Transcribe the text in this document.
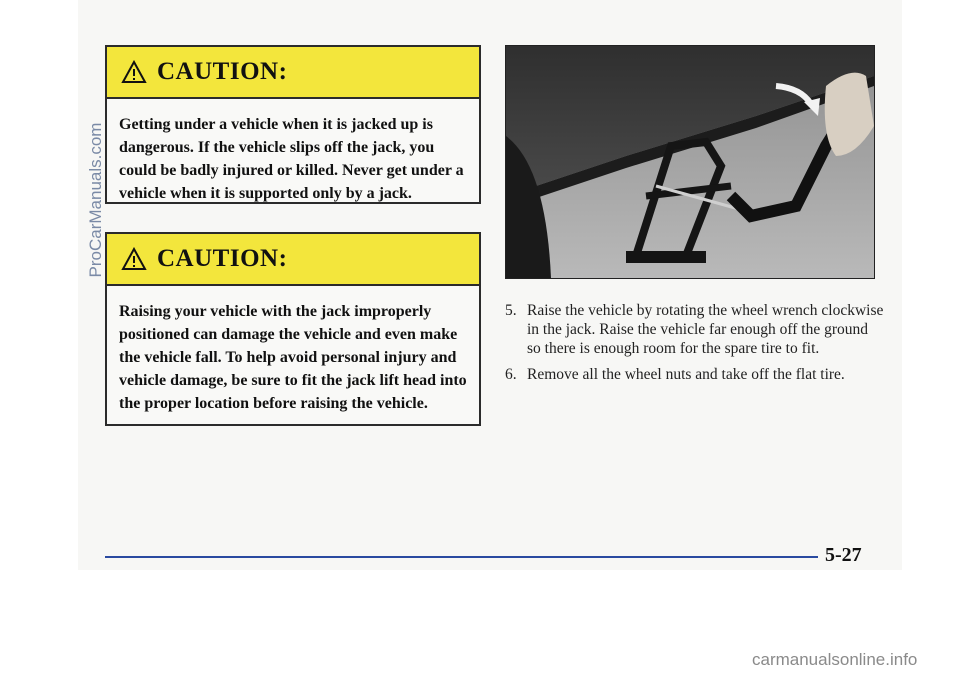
CAUTION:
Getting under a vehicle when it is jacked up is dangerous. If the vehicle slips off the jack, you could be badly injured or killed. Never get under a vehicle when it is supported only by a jack.
CAUTION:
Raising your vehicle with the jack improperly positioned can damage the vehicle and even make the vehicle fall. To help avoid personal injury and vehicle damage, be sure to fit the jack lift head into the proper location before raising the vehicle.
5. Raise the vehicle by rotating the wheel wrench clockwise in the jack. Raise the vehicle far enough off the ground so there is enough room for the spare tire to fit.
6. Remove all the wheel nuts and take off the flat tire.
5-27
ProCarManuals.com
carmanualsonline.info
